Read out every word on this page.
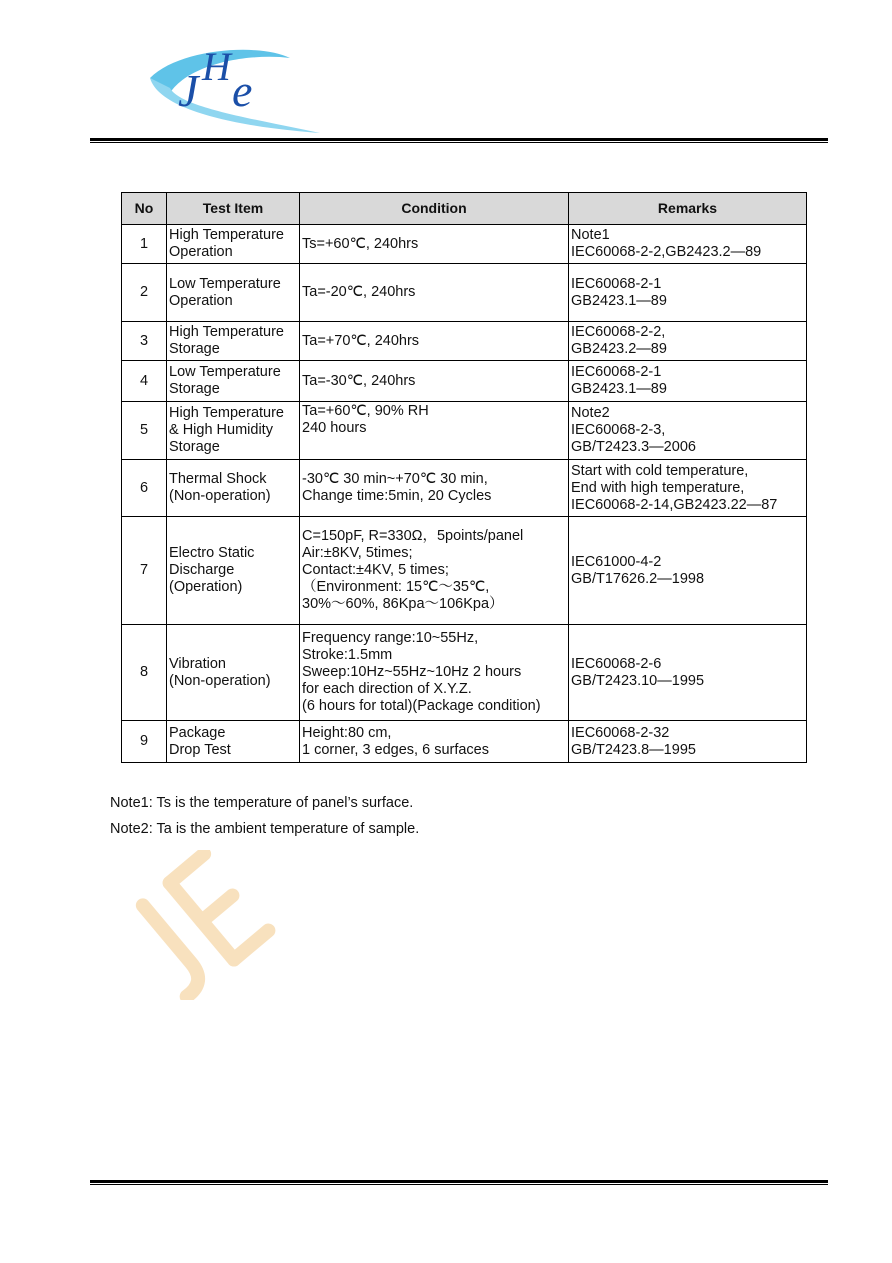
J H e
No	Test Item	Condition	Remarks
1	High Temperature
Operation	Ts=+60℃, 240hrs	Note1
IEC60068-2-2,GB2423.2—89
2	Low Temperature
Operation	Ta=-20℃, 240hrs	IEC60068-2-1
GB2423.1—89
3	High Temperature
Storage	Ta=+70℃, 240hrs	IEC60068-2-2,
GB2423.2—89
4	Low Temperature
Storage	Ta=-30℃, 240hrs	IEC60068-2-1
GB2423.1—89
5	High Temperature
& High Humidity
Storage	Ta=+60℃, 90% RH
240 hours	Note2
IEC60068-2-3,
GB/T2423.3—2006
6	Thermal Shock
(Non-operation)	-30℃ 30 min~+70℃ 30 min,
Change time:5min, 20 Cycles	Start with cold temperature,
End with high temperature,
IEC60068-2-14,GB2423.22—87
7	Electro Static
Discharge
(Operation)	C=150pF, R=330Ω，5points/panel
Air:±8KV, 5times;
Contact:±4KV, 5 times;
（Environment: 15℃～35℃,
30%～60%, 86Kpa～106Kpa）	IEC61000-4-2
GB/T17626.2—1998
8	Vibration
(Non-operation)	Frequency range:10~55Hz,
Stroke:1.5mm
Sweep:10Hz~55Hz~10Hz 2 hours
for each direction of X.Y.Z.
(6 hours for total)(Package condition)	IEC60068-2-6
GB/T2423.10—1995
9	Package
Drop Test	Height:80 cm,
1 corner, 3 edges, 6 surfaces	IEC60068-2-32
GB/T2423.8—1995
Note1: Ts is the temperature of panel’s surface.
Note2: Ta is the ambient temperature of sample.
